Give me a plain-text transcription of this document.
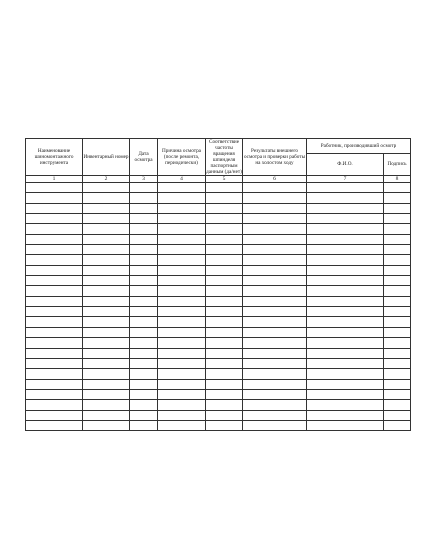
Наименование шиномонтажного инструмента	Инвентарный номер	Дата осмотра	Причина осмотра (после ремонта, периодически)	Соответствие частоты вращения шпинделя паспортным данным (да/нет)	Результаты внешнего осмотра и проверки работы на холостом ходу	Работник, производивший осмотр	
						Ф.И.О.	Подпись
1	2	3	4	5	6	7	8
